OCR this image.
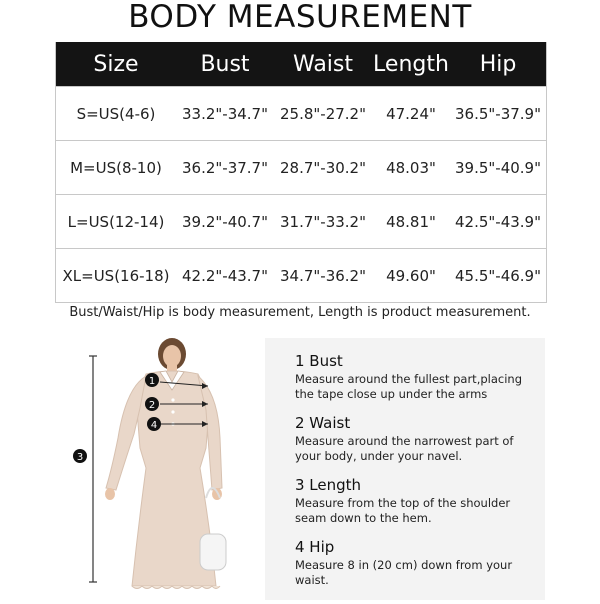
BODY MEASUREMENT
Size	Bust	Waist	Length	Hip
S=US(4-6)	33.2"-34.7"	25.8"-27.2"	47.24"	36.5"-37.9"
M=US(8-10)	36.2"-37.7"	28.7"-30.2"	48.03"	39.5"-40.9"
L=US(12-14)	39.2"-40.7"	31.7"-33.2"	48.81"	42.5"-43.9"
XL=US(16-18)	42.2"-43.7"	34.7"-36.2"	49.60"	45.5"-46.9"
Bust/Waist/Hip is body measurement, Length is product measurement.
1
2
4
3
1 Bust
Measure around the fullest part,placing the tape close up under the arms
2 Waist
Measure around the narrowest part of your body, under your navel.
3 Length
Measure from the top of the shoulder seam down to the hem.
4 Hip
Measure 8 in (20 cm) down from your waist.
